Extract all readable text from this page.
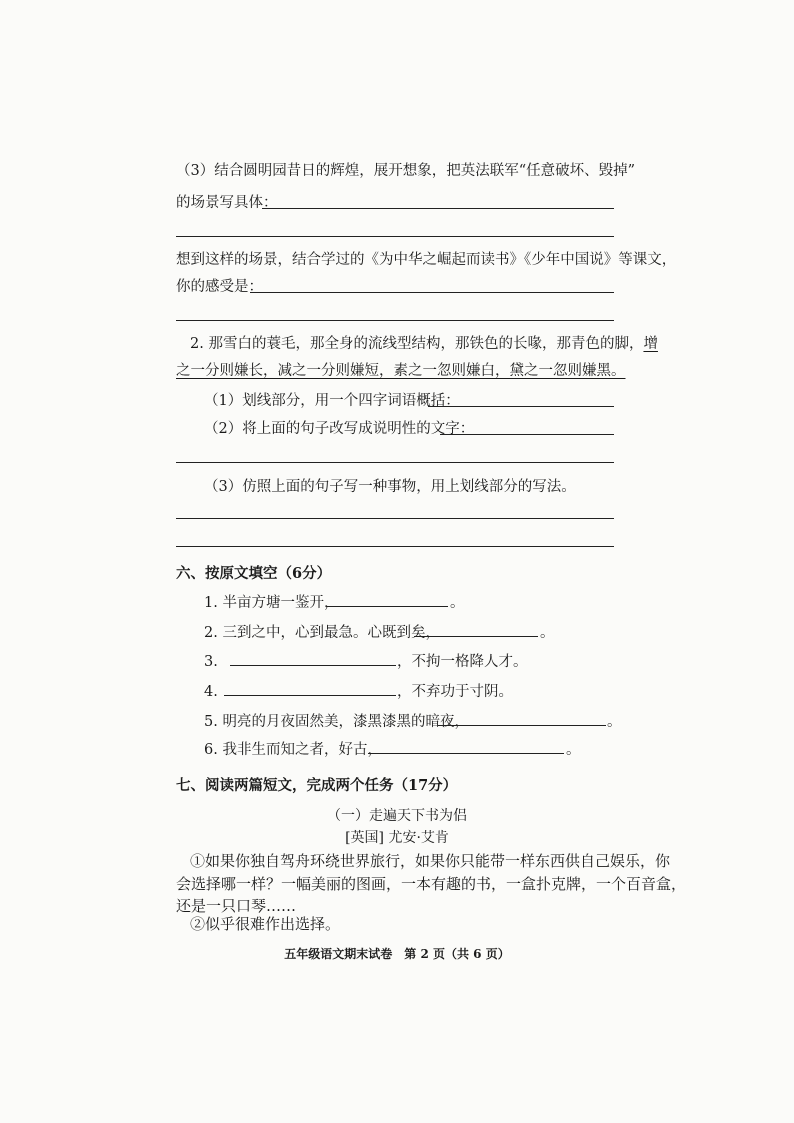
（3）结合圆明园昔日的辉煌，展开想象，把英法联军“任意破坏、毁掉”
的场景写具体：
想到这样的场景，结合学过的《为中华之崛起而读书》《少年中国说》等课文，
你的感受是：
2. 那雪白的蓑毛，那全身的流线型结构，那铁色的长喙，那青色的脚，增
之一分则嫌长，减之一分则嫌短，素之一忽则嫌白，黛之一忽则嫌黑。
（1）划线部分，用一个四字词语概括：
（2）将上面的句子改写成说明性的文字：
（3）仿照上面的句子写一种事物，用上划线部分的写法。
六、按原文填空（6分）
1. 半亩方塘一鉴开，	。
2. 三到之中，心到最急。心既到矣，	。
3.	，不拘一格降人才。
4.	，不弃功于寸阴。
5. 明亮的月夜固然美，漆黑漆黑的暗夜，	。
6. 我非生而知之者，好古，	。
七、阅读两篇短文，完成两个任务（17分）
（一）走遍天下书为侣
[英国] 尤安·艾肯
①如果你独自驾舟环绕世界旅行，如果你只能带一样东西供自己娱乐，你
会选择哪一样？一幅美丽的图画，一本有趣的书，一盒扑克牌，一个百音盒，
还是一只口琴……
②似乎很难作出选择。
五年级语文期末试卷　第 2 页（共 6 页）
